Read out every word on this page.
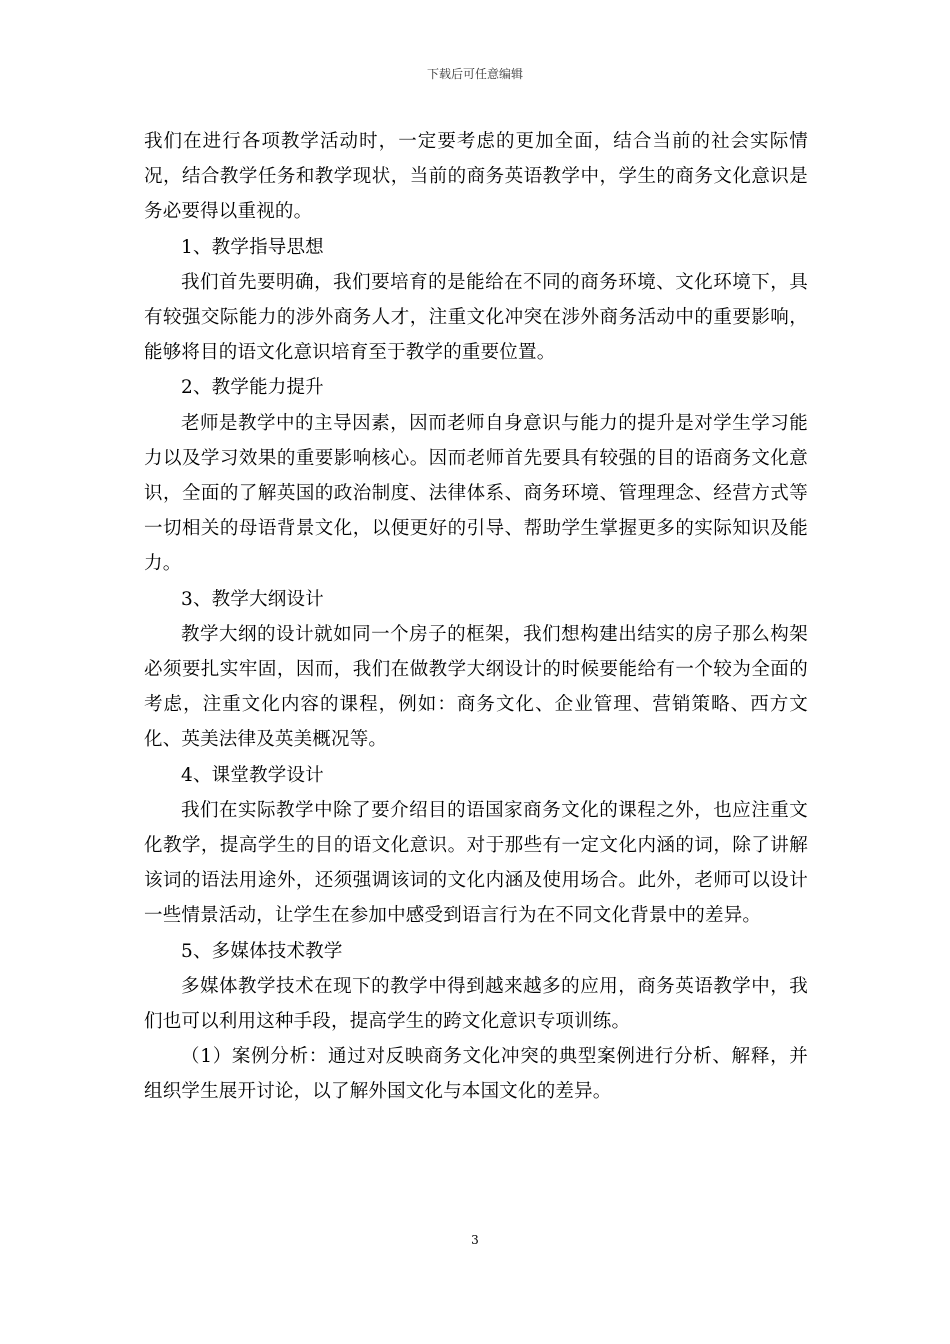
下载后可任意编辑

我们在进行各项教学活动时，一定要考虑的更加全面，结合当前的社会实际情况，结合教学任务和教学现状，当前的商务英语教学中，学生的商务文化意识是务必要得以重视的。

1、教学指导思想

我们首先要明确，我们要培育的是能给在不同的商务环境、文化环境下，具有较强交际能力的涉外商务人才，注重文化冲突在涉外商务活动中的重要影响，能够将目的语文化意识培育至于教学的重要位置。

2、教学能力提升

老师是教学中的主导因素，因而老师自身意识与能力的提升是对学生学习能力以及学习效果的重要影响核心。因而老师首先要具有较强的目的语商务文化意识，全面的了解英国的政治制度、法律体系、商务环境、管理理念、经营方式等一切相关的母语背景文化，以便更好的引导、帮助学生掌握更多的实际知识及能力。

3、教学大纲设计

教学大纲的设计就如同一个房子的框架，我们想构建出结实的房子那么构架必须要扎实牢固，因而，我们在做教学大纲设计的时候要能给有一个较为全面的考虑，注重文化内容的课程，例如：商务文化、企业管理、营销策略、西方文化、英美法律及英美概况等。

4、课堂教学设计

我们在实际教学中除了要介绍目的语国家商务文化的课程之外，也应注重文化教学，提高学生的目的语文化意识。对于那些有一定文化内涵的词，除了讲解该词的语法用途外，还须强调该词的文化内涵及使用场合。此外，老师可以设计一些情景活动，让学生在参加中感受到语言行为在不同文化背景中的差异。

5、多媒体技术教学

多媒体教学技术在现下的教学中得到越来越多的应用，商务英语教学中，我们也可以利用这种手段，提高学生的跨文化意识专项训练。

（1）案例分析：通过对反映商务文化冲突的典型案例进行分析、解释，并组织学生展开讨论，以了解外国文化与本国文化的差异。

3
